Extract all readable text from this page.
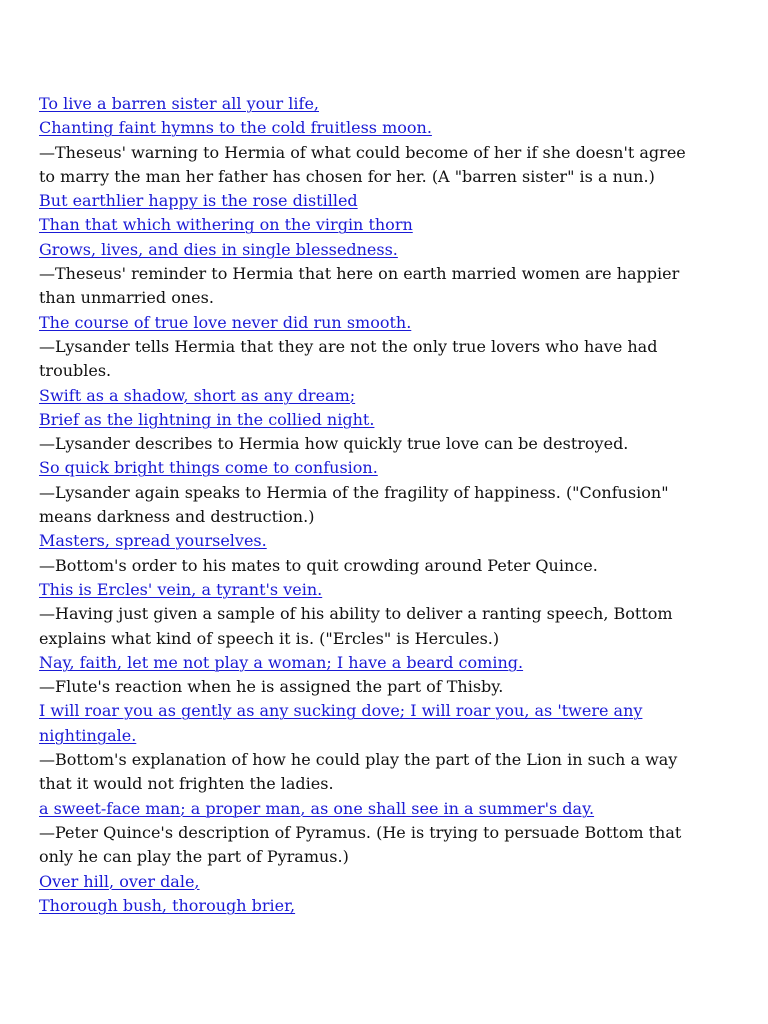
To live a barren sister all your life,
Chanting faint hymns to the cold fruitless moon.
—Theseus' warning to Hermia of what could become of her if she doesn't agree
to marry the man her father has chosen for her. (A "barren sister" is a nun.)
But earthlier happy is the rose distilled
Than that which withering on the virgin thorn
Grows, lives, and dies in single blessedness.
—Theseus' reminder to Hermia that here on earth married women are happier
than unmarried ones.
The course of true love never did run smooth.
—Lysander tells Hermia that they are not the only true lovers who have had
troubles.
Swift as a shadow, short as any dream;
Brief as the lightning in the collied night.
—Lysander describes to Hermia how quickly true love can be destroyed.
So quick bright things come to confusion.
—Lysander again speaks to Hermia of the fragility of happiness. ("Confusion"
means darkness and destruction.)
Masters, spread yourselves.
—Bottom's order to his mates to quit crowding around Peter Quince.
This is Ercles' vein, a tyrant's vein.
—Having just given a sample of his ability to deliver a ranting speech, Bottom
explains what kind of speech it is. ("Ercles" is Hercules.)
Nay, faith, let me not play a woman; I have a beard coming.
—Flute's reaction when he is assigned the part of Thisby.
I will roar you as gently as any sucking dove; I will roar you, as 'twere any
nightingale.
—Bottom's explanation of how he could play the part of the Lion in such a way
that it would not frighten the ladies.
a sweet-face man; a proper man, as one shall see in a summer's day.
—Peter Quince's description of Pyramus. (He is trying to persuade Bottom that
only he can play the part of Pyramus.)
Over hill, over dale,
Thorough bush, thorough brier,
